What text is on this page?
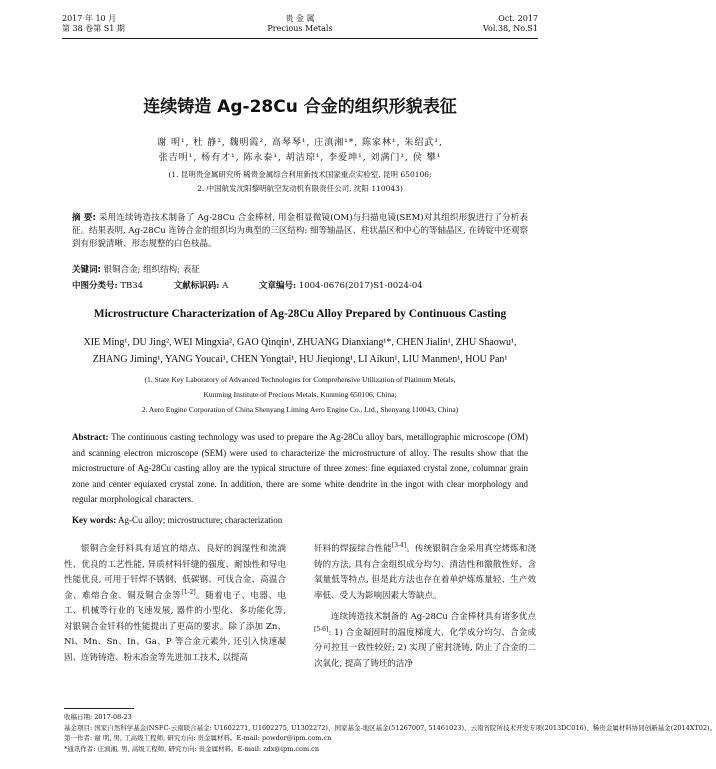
2017 年 10 月
第 38 卷第 S1 期
贵 金 属
Precious Metals
Oct. 2017
Vol.38, No.S1
连续铸造 Ag-28Cu 合金的组织形貌表征
谢 明¹, 杜 静², 魏明霞², 高琴琴¹, 庄滇湘¹*, 陈家林¹, 朱绍武¹,
张吉明¹, 杨有才¹, 陈永泰¹, 胡洁琼¹, 李爱坤¹, 刘满门¹, 侯 攀¹
(1. 昆明贵金属研究所 稀贵金属综合利用新技术国家重点实验室, 昆明 650106;
2. 中国航发沈阳黎明航空发动机有限责任公司, 沈阳 110043)
摘 要: 采用连续铸造技术制备了 Ag-28Cu 合金棒材, 用金相显微镜(OM)与扫描电镜(SEM)对其组织形貌进行了分析表征。结果表明, Ag-28Cu 连铸合金的组织均为典型的三区结构: 细等轴晶区、柱状晶区和中心的等轴晶区, 在铸锭中还观察到有形貌清晰、形态规整的白色枝晶。
关键词: 银铜合金; 组织结构; 表征
中图分类号: TB34	文献标识码: A	文章编号: 1004-0676(2017)S1-0024-04
Microstructure Characterization of Ag-28Cu Alloy Prepared by Continuous Casting
XIE Ming¹, DU Jing², WEI Mingxia², GAO Qinqin¹, ZHUANG Dianxiang¹*, CHEN Jialin¹, ZHU Shaowu¹,
ZHANG Jiming¹, YANG Youcai¹, CHEN Yongtai¹, HU Jieqiong¹, LI Aikun¹, LIU Manmen¹, HOU Pan¹
(1. State Key Laboratory of Advanced Technologies for Comprehensive Utilization of Platinum Metals,
Kunming Institute of Precious Metals, Kunming 650106, China;
2. Aero Engine Corporation of China Shenyang Liming Aero Engine Co., Ltd., Shenyang 110043, China)
Abstract: The continuous casting technology was used to prepare the Ag-28Cu alloy bars, metallographic microscope (OM) and scanning electron microscope (SEM) were used to characterize the microstructure of alloy. The results show that the microstructure of Ag-28Cu casting alloy are the typical structure of three zones: fine equiaxed crystal zone, columnar grain zone and center equiaxed crystal zone. In addition, there are some white dendrite in the ingot with clear morphology and regular morphological characters.
Key words: Ag-Cu alloy; microstructure; characterization

银铜合金钎料具有适宜的熔点、良好的润湿性和流淌性、优良的工艺性能, 异质材料钎缝的强度、耐蚀性和导电性能优良, 可用于钎焊不锈钢、低碳钢、可伐合金、高温合金、难熔合金、铜及铜合金等[1-2]。随着电子、电器、电工、机械等行业的飞速发展, 器件的小型化、多功能化等, 对银铜合金钎料的性能提出了更高的要求。除了添加 Zn、Ni、Mn、Sn、In、Ga、P 等合金元素外, 还引入快速凝固、连铸铸造、粉末冶金等先进加工技术, 以提高

钎料的焊接综合性能[3-4]。传统银铜合金采用真空烤炼和浇铸的方法, 具有合金组织成分均匀、清洁性和激散性好、含氧量低等特点, 但是此方法也存在着单炉炼炼量轻、生产效率低、受人为影响因素大等缺点。

连续铸造技术制备的 Ag-28Cu 合金棒材具有诸多优点[5-6]: 1) 合金凝固时的温度梯度大、化学成分均匀、合金成分可控且一致性较好; 2) 实现了密封浇铸, 防止了合金的二次氧化, 提高了铸坯的洁净

收稿日期: 2017-08-23
基金项目: 国家自然科学基金(NSFC-云南联合基金: U1602271, U1602275, U1302272)、国家基金-地区基金(51267007, 51461023)、云南省院所技术开发专项(2013DC016)、稀贵金属材料协同创新基金(2014XT02)。
第一作者: 谢 明, 男, 工高级工程师, 研究方向: 贵金属材料。E-mail: powder@ipm.com.cn
*通讯作者: 庄滇湘, 男, 高级工程师, 研究方向: 贵金属材料。E-mail: zdx@ipm.com.cn
